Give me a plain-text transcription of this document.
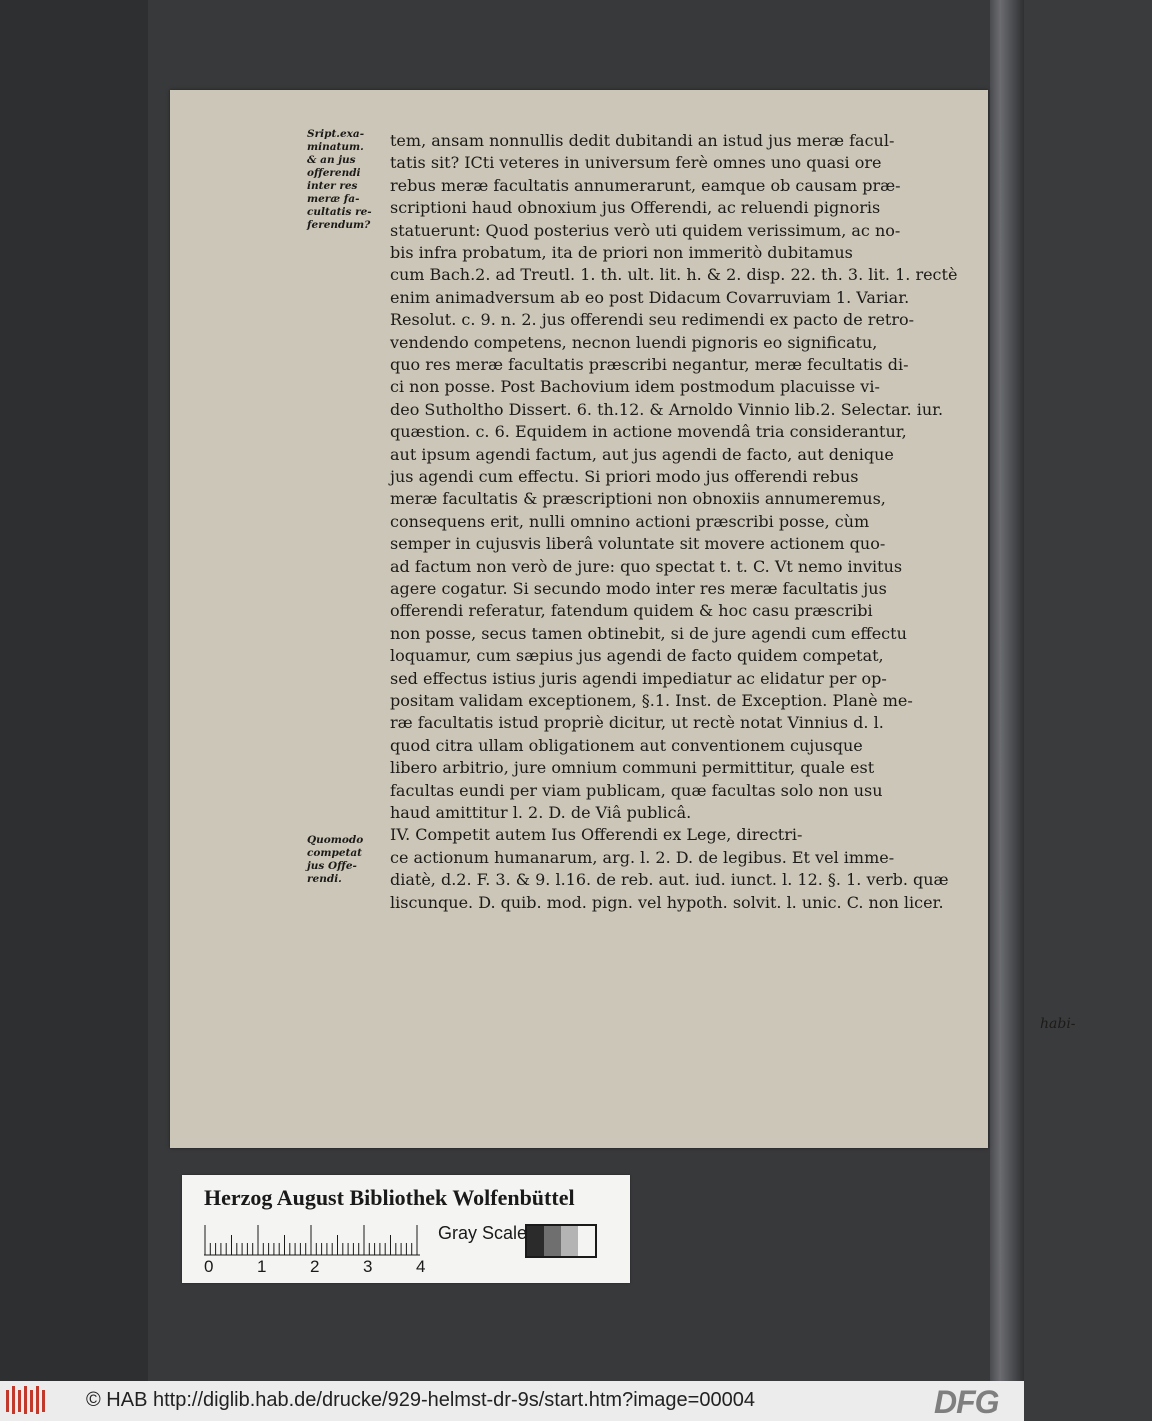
Sript.exa-
minatum.
& an jus
offerendi
inter res
meræ fa-
cultatis re-
ferendum?
Quomodo
competat
jus Offe-
rendi.
tem, ansam nonnullis dedit dubitandi an istud jus meræ facul-
tatis sit? ICti veteres in universum ferè omnes uno quasi ore
rebus meræ facultatis annumerarunt, eamque ob causam præ-
scriptioni haud obnoxium jus Offerendi, ac reluendi pignoris
statuerunt: Quod posterius verò uti quidem verissimum, ac no-
bis infra probatum, ita de priori non immeritò dubitamus
cum Bach.2. ad Treutl. 1. th. ult. lit. h. & 2. disp. 22. th. 3. lit. 1. rectè
enim animadversum ab eo post Didacum Covarruviam 1. Variar.
Resolut. c. 9. n. 2. jus offerendi seu redimendi ex pacto de retro-
vendendo competens, necnon luendi pignoris eo significatu,
quo res meræ facultatis præscribi negantur, meræ fecultatis di-
ci non posse. Post Bachovium idem postmodum placuisse vi-
deo Sutholtho Dissert. 6. th.12. & Arnoldo Vinnio lib.2. Selectar. iur.
quæstion. c. 6. Equidem in actione movendâ tria considerantur,
aut ipsum agendi factum, aut jus agendi de facto, aut denique
jus agendi cum effectu. Si priori modo jus offerendi rebus
meræ facultatis & præscriptioni non obnoxiis annumeremus,
consequens erit, nulli omnino actioni præscribi posse, cùm
semper in cujusvis liberâ voluntate sit movere actionem quo-
ad factum non verò de jure: quo spectat t. t. C. Vt nemo invitus
agere cogatur. Si secundo modo inter res meræ facultatis jus
offerendi referatur, fatendum quidem & hoc casu præscribi
non posse, secus tamen obtinebit, si de jure agendi cum effectu
loquamur, cum sæpius jus agendi de facto quidem competat,
sed effectus istius juris agendi impediatur ac elidatur per op-
positam validam exceptionem, §.1. Inst. de Exception. Planè me-
ræ facultatis istud propriè dicitur, ut rectè notat Vinnius d. l.
quod citra ullam obligationem aut conventionem cujusque
libero arbitrio, jure omnium communi permittitur, quale est
facultas eundi per viam publicam, quæ facultas solo non usu
haud amittitur l. 2. D. de Viâ publicâ.
IV. Competit autem Ius Offerendi ex Lege, directri-
ce actionum humanarum, arg. l. 2. D. de legibus. Et vel imme-
diatè, d.2. F. 3. & 9. l.16. de reb. aut. iud. iunct. l. 12. §. 1. verb. quæ
liscunque. D. quib. mod. pign. vel hypoth. solvit. l. unic. C. non licer.
habi-
Herzog August Bibliothek Wolfenbüttel
0	1	2	3	4
Gray Scale
© HAB http://diglib.hab.de/drucke/929-helmst-dr-9s/start.htm?image=00004	DFG
